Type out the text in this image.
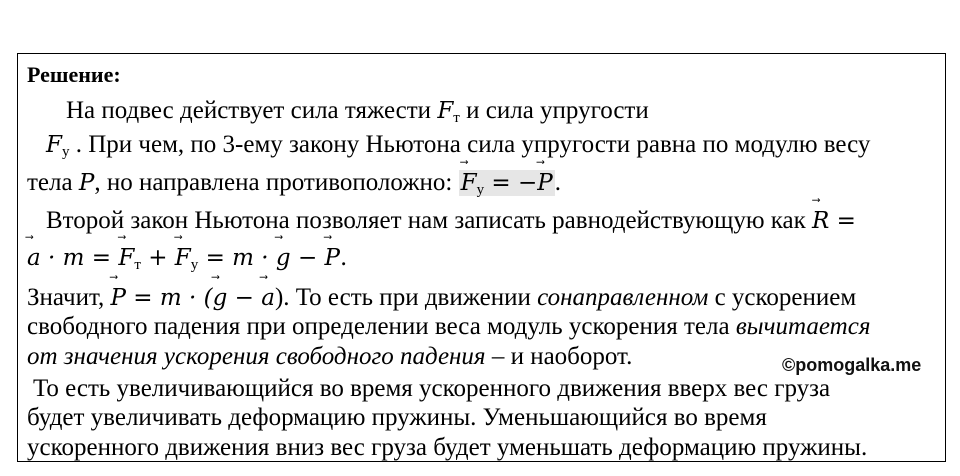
Решение:
На подвес действует сила тяжести $F_т$ и сила упругости
$F_у$ . При чем, по 3-ему закону Ньютона сила упругости равна по модулю весу
тела P, но направлена противоположно: ⃗ $F_у$ = −⃗ P.
Второй закон Ньютона позволяет нам записать равнодействующую как ⃗ R =
⃗ a · m = ⃗ $F_т$ + ⃗ $F_у = m$ · ⃗ g − ⃗ P.
Значит, ⃗ P = m · (⃗ g − ⃗ a). То есть при движении сонаправленном с ускорением
свободного падения при определении веса модуль ускорения тела вычитается
от значения ускорения свободного падения – и наоборот.	©pomogalka.me
То есть увеличивающийся во время ускоренного движения вверх вес груза
будет увеличивать деформацию пружины. Уменьшающийся во время
ускоренного движения вниз вес груза будет уменьшать деформацию пружины.
